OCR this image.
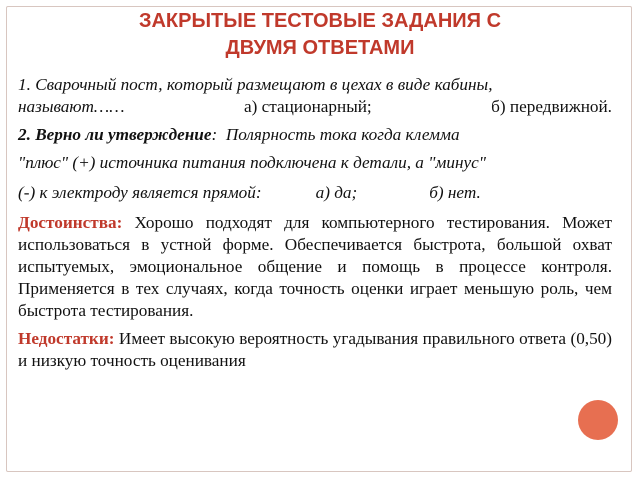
ЗАКРЫТЫЕ ТЕСТОВЫЕ ЗАДАНИЯ С
ДВУМЯ ОТВЕТАМИ
1. Сварочный пост, который размещают в цехах в виде кабины,
называют……	а) стационарный;	б) передвижной.
2. Верно ли утверждение: Полярность тока когда клемма
"плюс" (+) источника питания подключена к детали, а "минус"
(-) к электроду является прямой:	а) да;	б) нет.
Достоинства: Хорошо подходят для компьютерного тестирования. Может использоваться в устной форме. Обеспечивается быстрота, большой охват испытуемых, эмоциональное общение и помощь в процессе контроля. Применяется в тех случаях, когда точность оценки играет меньшую роль, чем быстрота тестирования.
Недостатки: Имеет высокую вероятность угадывания правильного ответа (0,50) и низкую точность оценивания
